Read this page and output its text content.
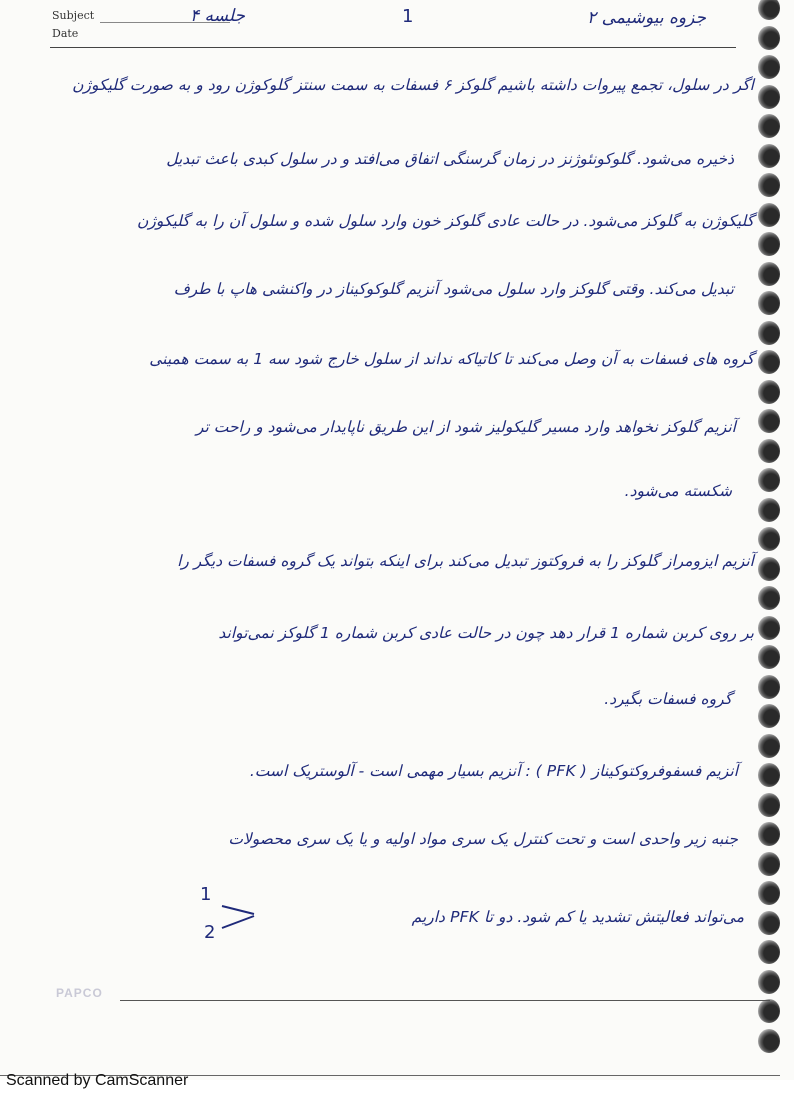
Subject
Date
جلسه ۴	1	جزوه بیوشیمی ۲
اگر در سلول، تجمع پیروات داشته باشیم گلوکز ۶ فسفات به سمت سنتز گلوکوژن رود و به صورت گلیکوژن
ذخیره می‌شود. گلوکونئوژنز در زمان گرسنگی اتفاق می‌افتد و در سلول کبدی باعث تبدیل
گلیکوژن به گلوکز می‌شود. در حالت عادی گلوکز خون وارد سلول شده و سلول آن را به گلیکوژن
تبدیل می‌کند. وقتی گلوکز وارد سلول می‌شود آنزیم گلوکوکیناز در واکنشی هاپ با طرف
گروه های فسفات به آن وصل می‌کند تا کاتیاکه نداند از سلول خارج شود سه 1 به سمت همینی
آنزیم گلوکز نخواهد وارد مسیر گلیکولیز شود از این طریق ناپایدار می‌شود و راحت تر
شکسته می‌شود.
آنزیم ایزومراز گلوکز را به فروکتوز تبدیل می‌کند برای اینکه بتواند یک گروه فسفات دیگر را
بر روی کربن شماره 1 قرار دهد چون در حالت عادی کربن شماره 1 گلوکز نمی‌تواند
گروه فسفات بگیرد.
آنزیم فسفوفروکتوکیناز ( PFK ) : آنزیم بسیار مهمی است - آلوستریک است.
جنبه زیر واحدی است و تحت کنترل یک سری مواد اولیه و یا یک سری محصولات
می‌تواند فعالیتش تشدید یا کم شود. دو تا PFK داریم
1
2
PAPCO
Scanned by CamScanner
